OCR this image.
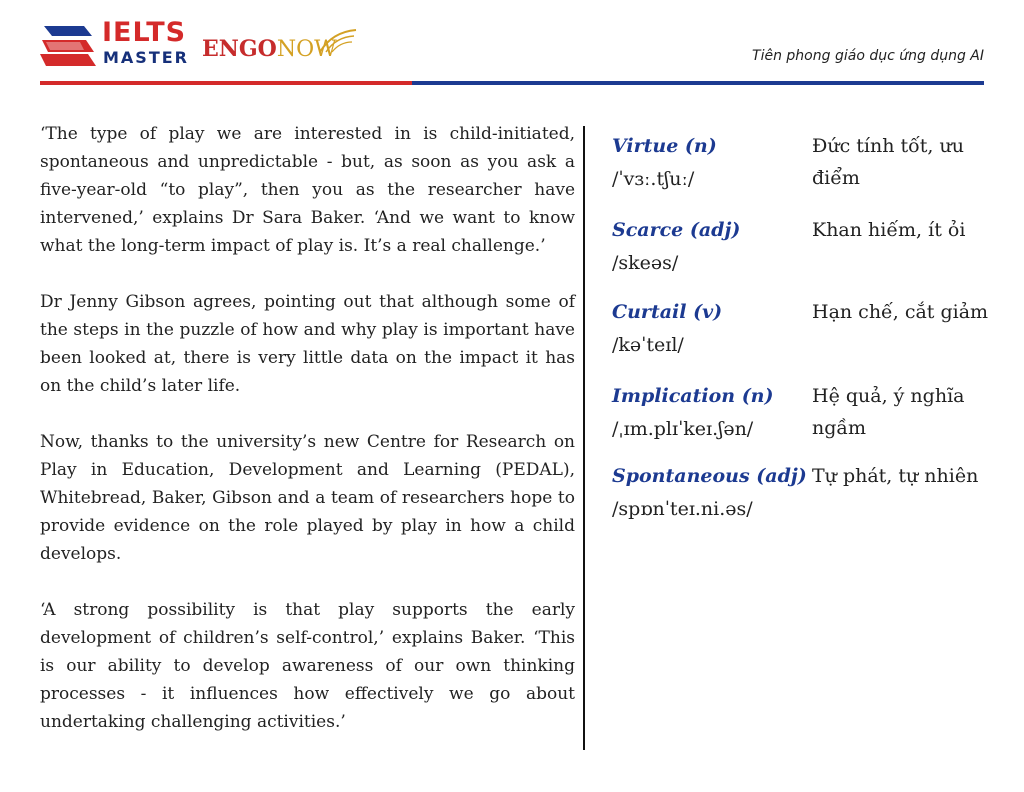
IELTS
MASTER ENGONOW	Tiên phong giáo dục ứng dụng AI

‘The type of play we are interested in is child-initiated, spontaneous and unpredictable - but, as soon as you ask a five-year-old “to play”, then you as the researcher have intervened,’ explains Dr Sara Baker. ‘And we want to know what the long-term impact of play is. It’s a real challenge.’

Dr Jenny Gibson agrees, pointing out that although some of the steps in the puzzle of how and why play is important have been looked at, there is very little data on the impact it has on the child’s later life.

Now, thanks to the university’s new Centre for Research on Play in Education, Development and Learning (PEDAL), Whitebread, Baker, Gibson and a team of researchers hope to provide evidence on the role played by play in how a child develops.

‘A strong possibility is that play supports the early development of children’s self-control,’ explains Baker. ‘This is our ability to develop awareness of our own thinking processes - it influences how effectively we go about undertaking challenging activities.’

Virtue (n)
/ˈvɜː.tʃuː/
Đức tính tốt, ưu điểm
Scarce (adj)
/skeəs/
Khan hiếm, ít ỏi
Curtail (v)
/kəˈteɪl/
Hạn chế, cắt giảm
Implication (n)
/ˌɪm.plɪˈkeɪ.ʃən/
Hệ quả, ý nghĩa ngầm
Spontaneous (adj)
/spɒnˈteɪ.ni.əs/
Tự phát, tự nhiên
